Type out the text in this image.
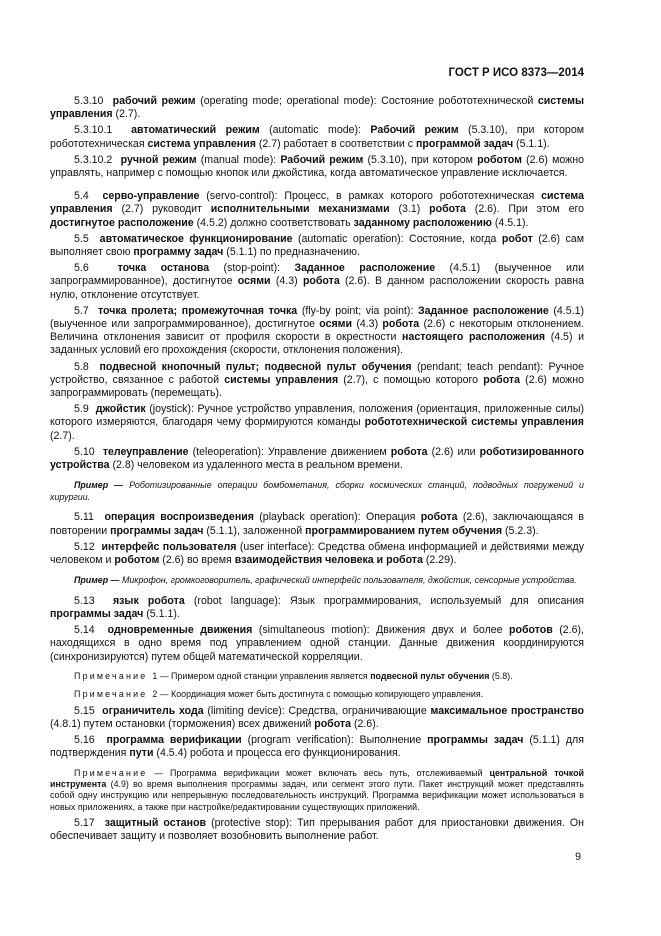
ГОСТ Р ИСО 8373—2014

5.3.10 рабочий режим (operating mode; operational mode): Состояние робототехнической системы управления (2.7).

5.3.10.1 автоматический режим (automatic mode): Рабочий режим (5.3.10), при котором робототехническая система управления (2.7) работает в соответствии с программой задач (5.1.1).

5.3.10.2 ручной режим (manual mode): Рабочий режим (5.3.10), при котором роботом (2.6) можно управлять, например с помощью кнопок или джойстика, когда автоматическое управление исключается.

5.4 серво-управление (servo-control): Процесс, в рамках которого робототехническая система управления (2.7) руководит исполнительными механизмами (3.1) робота (2.6). При этом его достигнутое расположение (4.5.2) должно соответствовать заданному расположению (4.5.1).

5.5 автоматическое функционирование (automatic operation): Состояние, когда робот (2.6) сам выполняет свою программу задач (5.1.1) по предназначению.

5.6	точка останова (stop-point): Заданное расположение (4.5.1) (выученное или запрограммированное), достигнутое осями (4.3) робота (2.6). В данном расположении скорость равна нулю, отклонение отсутствует.

5.7 точка пролета; промежуточная точка (fly-by point; via point): Заданное расположение (4.5.1) (выученное или запрограммированное), достигнутое осями (4.3) робота (2.6) с некоторым отклонением. Величина отклонения зависит от профиля скорости в окрестности настоящего расположения (4.5) и заданных условий его прохождения (скорости, отклонения положения).

5.8 подвесной кнопочный пульт; подвесной пульт обучения (pendant; teach pendant): Ручное устройство, связанное с работой системы управления (2.7), с помощью которого робота (2.6) можно запрограммировать (перемещать).

5.9 джойстик (joystick): Ручное устройство управления, положения (ориентация, приложенные силы) которого измеряются, благодаря чему формируются команды робототехнической системы управления (2.7).

5.10 телеуправление (teleoperation): Управление движением робота (2.6) или роботизированного устройства (2.8) человеком из удаленного места в реальном времени.

Пример — Роботизированные операции бомбометания, сборки космических станций, подводных погружений и хирургии.

5.11 операция воспроизведения (playback operation): Операция робота (2.6), заключающаяся в повторении программы задач (5.1.1), заложенной программированием путем обучения (5.2.3).

5.12 интерфейс пользователя (user interface): Средства обмена информацией и действиями между человеком и роботом (2.6) во время взаимодействия человека и робота (2.29).

Пример — Микрофон, громкоговоритель, графический интерфейс пользователя, джойстик, сенсорные устройства.

5.13 язык робота (robot language): Язык программирования, используемый для описания программы задач (5.1.1).

5.14 одновременные движения (simultaneous motion): Движения двух и более роботов (2.6), находящихся в одно время под управлением одной станции. Данные движения координируются (синхронизируются) путем общей математической корреляции.

Примечание 1 — Примером одной станции управления является подвесной пульт обучения (5.8).

Примечание 2 — Координация может быть достигнута с помощью копирующего управления.

5.15 ограничитель хода (limiting device): Средства, ограничивающие максимальное пространство (4.8.1) путем остановки (торможения) всех движений робота (2.6).

5.16 программа верификации (program verification): Выполнение программы задач (5.1.1) для подтверждения пути (4.5.4) робота и процесса его функционирования.

Примечание — Программа верификации может включать весь путь, отслеживаемый центральной точкой инструмента (4.9) во время выполнения программы задач, или сегмент этого пути. Пакет инструкций может представлять собой одну инструкцию или непрерывную последовательность инструкций. Программа верификации может использоваться в новых приложениях, а также при настройке/редактировании существующих приложений.

5.17 защитный останов (protective stop): Тип прерывания работ для приостановки движения. Он обеспечивает защиту и позволяет возобновить выполнение работ.

9
